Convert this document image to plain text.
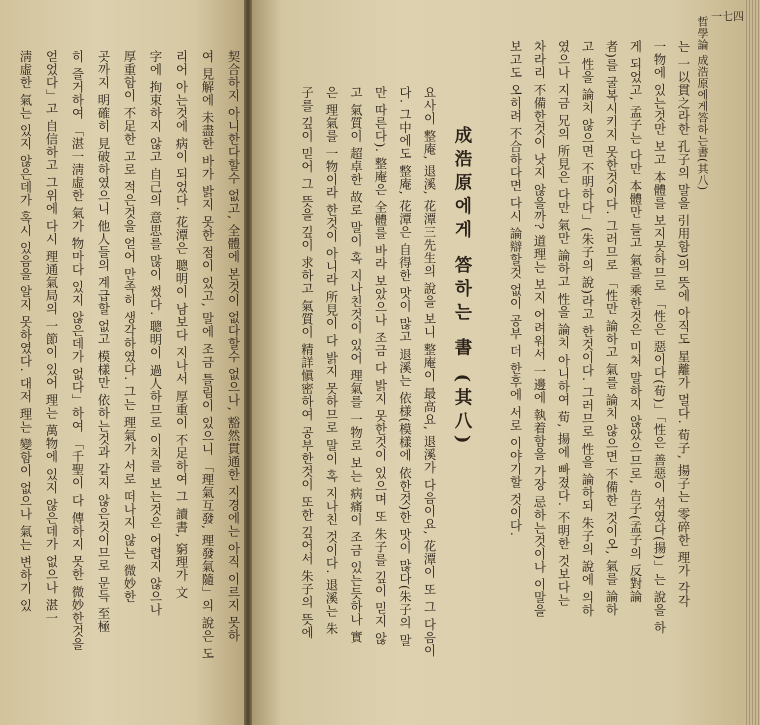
契合하지 아니한다할수 없고, 全體에 본것이 없다할수 없으나, 豁然貫通한 지경에는 아직 이르지 못하
여 見解에 未盡한 바가 밝지 못한 점이 있고, 말에 조금 틀림이 있으니 「理氣互發, 理發氣隨」의 說은 도
리어 아는것에 病이 되었다. 花潭은 聰明이 남보다 지나서 厚重이 不足하여 그 讀書, 窮理가 文
字에 拘束하지 않고 自己의 意思를 많이 썼다. 聰明이 過人하므로 이치를 보는것은 어렵지 않으나
厚重함이 不足한 고로 적은것을 얻어 만족히 생각하였다. 그는 理氣가 서로 떠나지 않는 微妙한
곳까지 明確히 見破하였으니 他人들의 계급할 없고 模樣만 依하는것과 같지 않은것이므로 문득 至極
히 즐거하여 「湛一淸虛한 氣가 物마다 있지 않은데가 없다」하여 「千聖이 다 傳하지 못한 微妙한것을
얻었다」고 自信하고 그위에 다시 理通氣局의 一節이 있어 理는 萬物에 있지 않은데가 없으나 湛一
淸虛한 氣는 있지 않은데가 혹시 있음을 알지 못하였다. 대저 理는 變함이 없으나 氣는 변하기 있	哲學論 成浩原에게答하는書(其八) 一七四
成浩原에게 答하는 書 (其八)	는 一以貫之라한 孔子의 말을 引用함)의 뜻에 아직도 星離가 멀다. 荀子, 揚子는 零碎한 理가 각각
一物에 있는것만 보고 本體를 보지못하므로 「性은 惡이다(荀)」「性은 善惡이 섞였다(揚)」는 說을 하
게 되었고, 孟子는 다만 本體만 들고 氣를 乘한것은 미처 말하지 않았으므로, 告子(孟子의 反對論
者)를 굴복시키지 못한것이다. 그러므로 「性만 論하고 氣를 論치 않으면 不備한 것이오, 氣를 論하
고 性을 論치 않으면 不明하다」(朱子의 說)라고 한것이다. 그러므로 性을 論하되 朱子의 說에 의하
였으나 지금 兄의 所見은 다만 氣만 論하고 性을 論치 아니하여 荀, 揚에 빠졌다. 不明한 것보다는
차라리 不備한것이 낫지 않을까? 道理는 보지 어려워서 一邊에 執着함을 가장 忌하는것이나 이말을
보고도 오히려 不合하다면 다시 論辯할것 없이 공부 더 한후에 서로 이야기할 것이다.
요사이 整庵, 退溪, 花潭三先生의 說을 보니 整庵이 最高요, 退溪가 다음이요, 花潭이 또 그 다음이
다. 그中에도 整庵, 花潭은 自得한 맛이 많고 退溪는 依様(模樣에 依한것)한 맛이 많다(朱子의 말
만 따른다). 整庵은 全體를 바라 보았으나 조금 다 밝지 못한것이 있으며 또 朱子를 깊이 믿지 않
고 氣質이 超卓한 故로 말이 혹 지나친것이 있어 理氣를 一物로 보는 病痛이 조금 있는듯하나 實
은 理氣를 一物이라 한것이 아니라 所見이 다 밝지 못하므로 말이 혹 지나친 것이다. 退溪는 朱
子를 깊이 믿어 그 뜻을 깊이 求하고 氣質이 精詳愼密하여 공부한것이 또한 깊어서 朱子의 뜻에
